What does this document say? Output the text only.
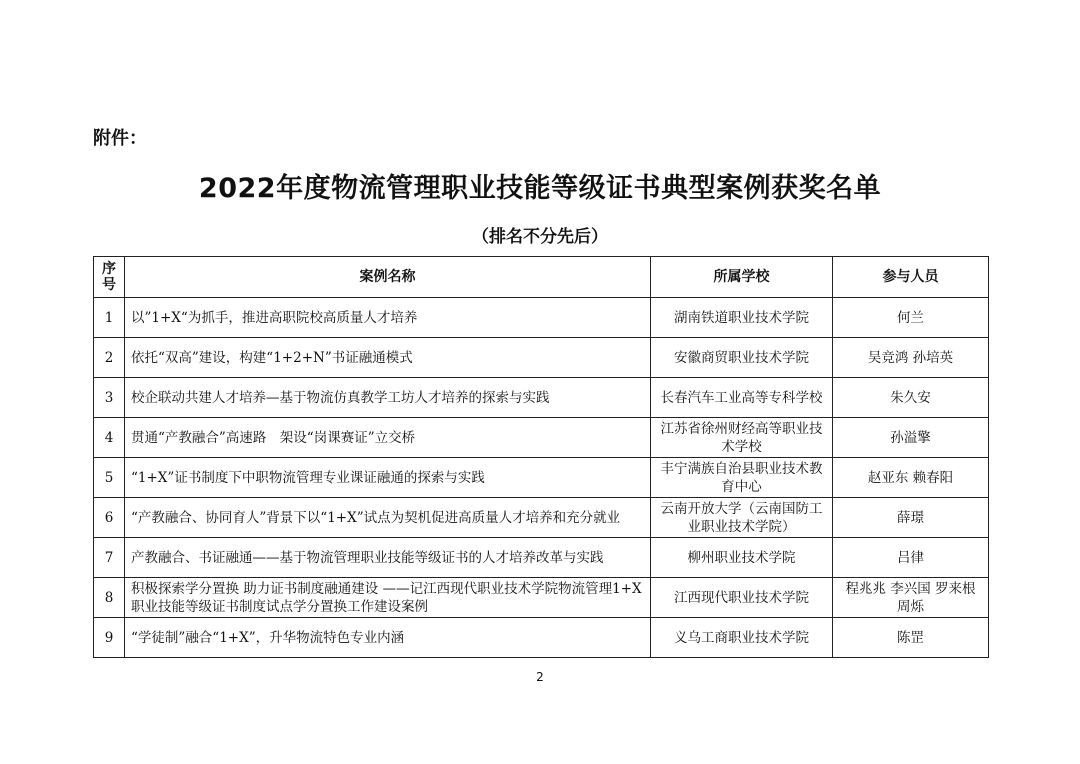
附件：
2022年度物流管理职业技能等级证书典型案例获奖名单
（排名不分先后）
序号	案例名称	所属学校	参与人员
1	以”1+X“为抓手，推进高职院校高质量人才培养	湖南铁道职业技术学院	何兰
2	依托“双高”建设，构建“1+2+N”书证融通模式	安徽商贸职业技术学院	吴竞鸿 孙培英
3	校企联动共建人才培养—基于物流仿真教学工坊人才培养的探索与实践	长春汽车工业高等专科学校	朱久安
4	贯通“产教融合”高速路　架设“岗课赛证”立交桥	江苏省徐州财经高等职业技术学校	孙溢擎
5	“1+X”证书制度下中职物流管理专业课证融通的探索与实践	丰宁满族自治县职业技术教育中心	赵亚东 赖春阳
6	“产教融合、协同育人”背景下以“1+X”试点为契机促进高质量人才培养和充分就业	云南开放大学（云南国防工业职业技术学院）	薛璟
7	产教融合、书证融通——基于物流管理职业技能等级证书的人才培养改革与实践	柳州职业技术学院	吕律
8	积极探索学分置换 助力证书制度融通建设 ——记江西现代职业技术学院物流管理1+X职业技能等级证书制度试点学分置换工作建设案例	江西现代职业技术学院	程兆兆 李兴国 罗来根 周烁
9	“学徒制”融合“1+X”，升华物流特色专业内涵	义乌工商职业技术学院	陈罡
2
